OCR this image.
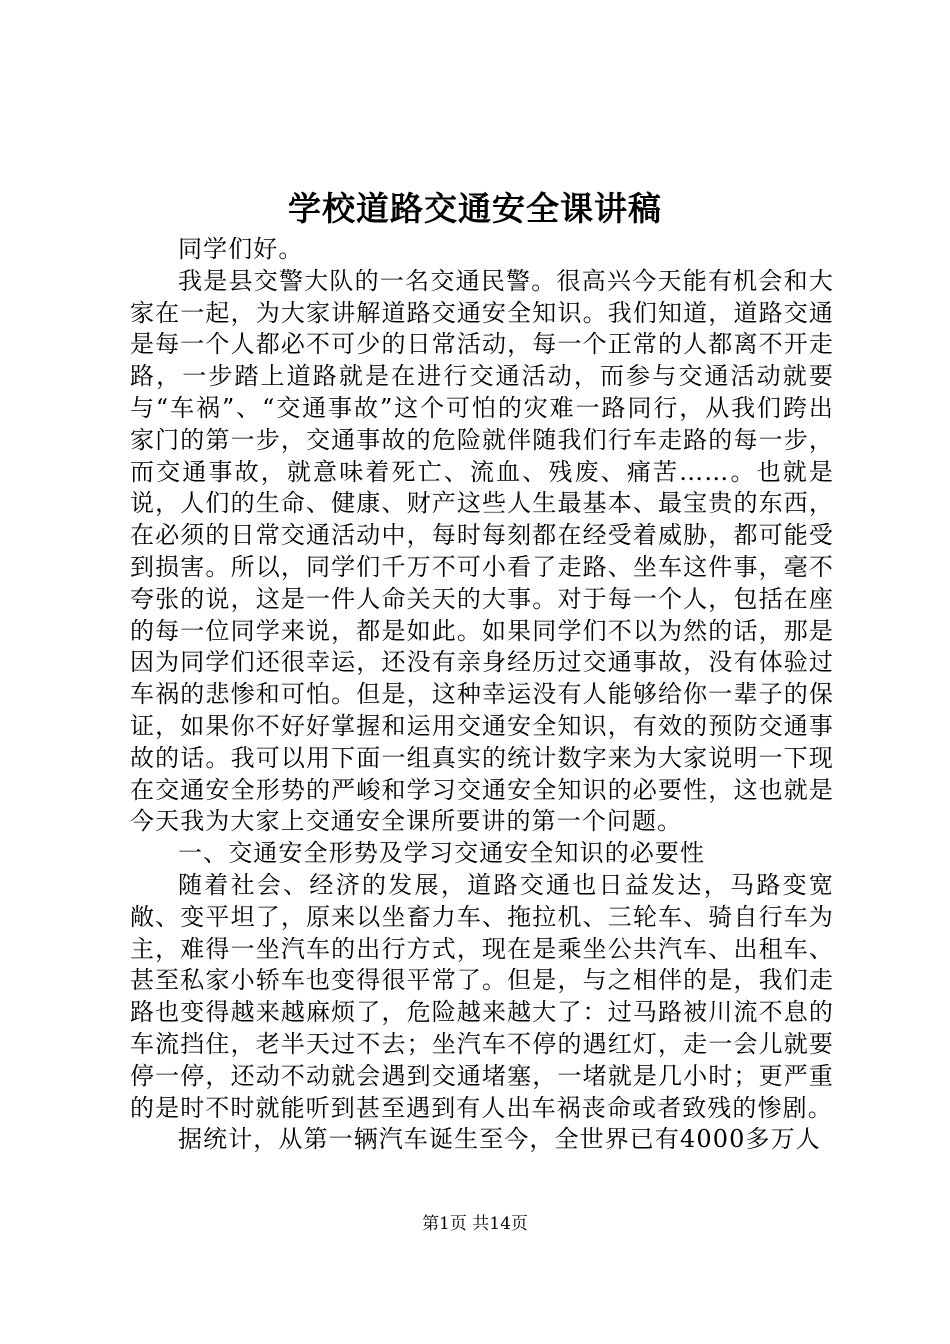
学校道路交通安全课讲稿

同学们好。

我是县交警大队的一名交通民警。很高兴今天能有机会和大家在一起，为大家讲解道路交通安全知识。我们知道，道路交通是每一个人都必不可少的日常活动，每一个正常的人都离不开走路，一步踏上道路就是在进行交通活动，而参与交通活动就要与“车祸”、“交通事故”这个可怕的灾难一路同行，从我们跨出家门的第一步，交通事故的危险就伴随我们行车走路的每一步，而交通事故，就意味着死亡、流血、残废、痛苦……。也就是说，人们的生命、健康、财产这些人生最基本、最宝贵的东西，在必须的日常交通活动中，每时每刻都在经受着威胁，都可能受到损害。所以，同学们千万不可小看了走路、坐车这件事，毫不夸张的说，这是一件人命关天的大事。对于每一个人，包括在座的每一位同学来说，都是如此。如果同学们不以为然的话，那是因为同学们还很幸运，还没有亲身经历过交通事故，没有体验过车祸的悲惨和可怕。但是，这种幸运没有人能够给你一辈子的保证，如果你不好好掌握和运用交通安全知识，有效的预防交通事故的话。我可以用下面一组真实的统计数字来为大家说明一下现在交通安全形势的严峻和学习交通安全知识的必要性，这也就是今天我为大家上交通安全课所要讲的第一个问题。

一、交通安全形势及学习交通安全知识的必要性

随着社会、经济的发展，道路交通也日益发达，马路变宽敞、变平坦了，原来以坐畜力车、拖拉机、三轮车、骑自行车为主，难得一坐汽车的出行方式，现在是乘坐公共汽车、出租车、甚至私家小轿车也变得很平常了。但是，与之相伴的是，我们走路也变得越来越麻烦了，危险越来越大了：过马路被川流不息的车流挡住，老半天过不去；坐汽车不停的遇红灯，走一会儿就要停一停，还动不动就会遇到交通堵塞，一堵就是几小时；更严重的是时不时就能听到甚至遇到有人出车祸丧命或者致残的惨剧。

据统计，从第一辆汽车诞生至今，全世界已有4000多万人

第1页 共14页
